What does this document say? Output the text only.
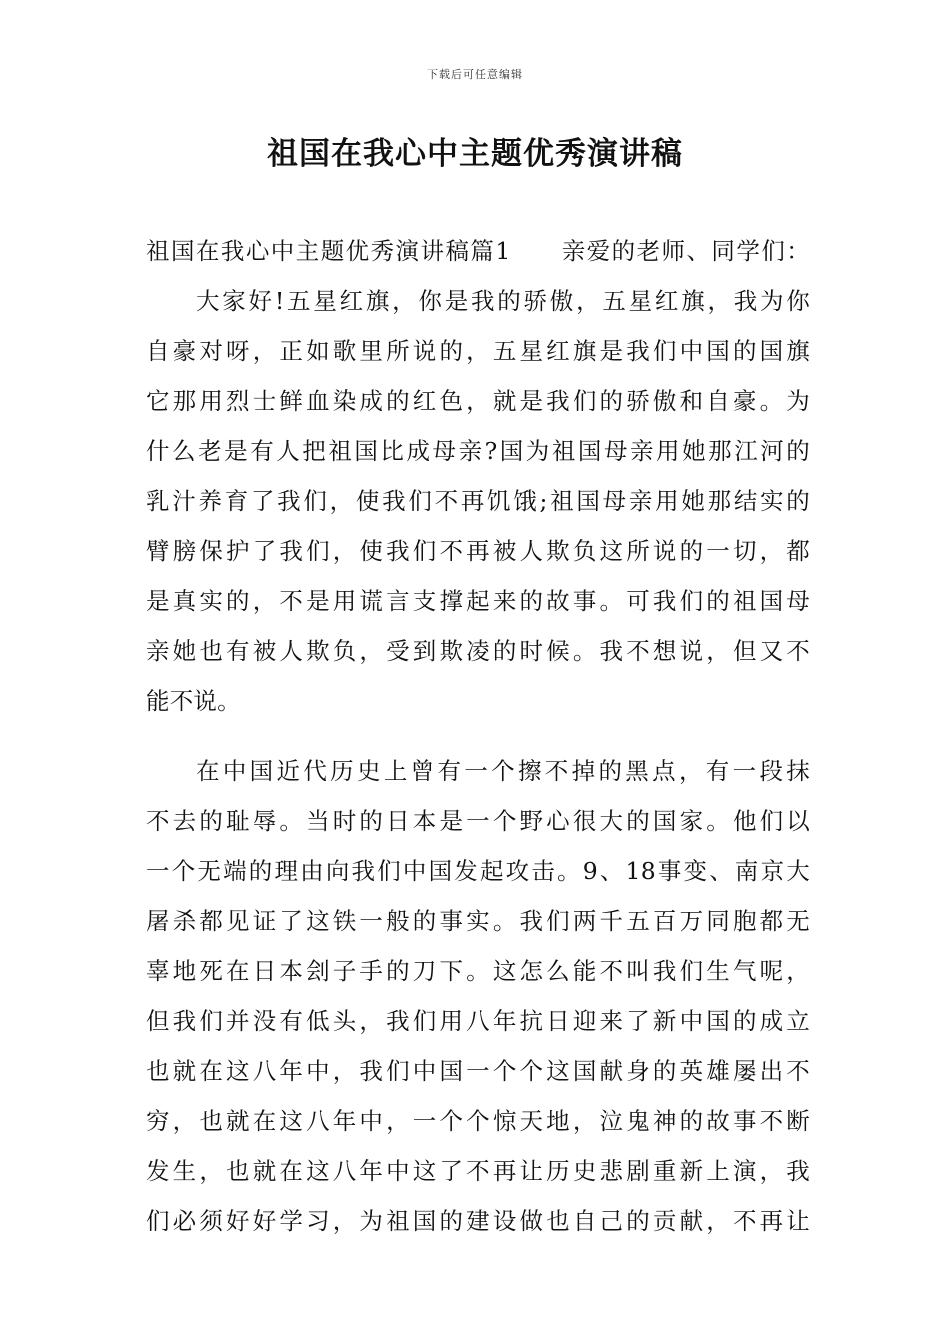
下载后可任意编辑
祖国在我心中主题优秀演讲稿
祖国在我心中主题优秀演讲稿篇1　　亲爱的老师、同学们：
大家好!五星红旗，你是我的骄傲，五星红旗，我为你
自豪对呀，正如歌里所说的，五星红旗是我们中国的国旗
它那用烈士鲜血染成的红色，就是我们的骄傲和自豪。为
什么老是有人把祖国比成母亲?国为祖国母亲用她那江河的
乳汁养育了我们，使我们不再饥饿;祖国母亲用她那结实的
臂膀保护了我们，使我们不再被人欺负这所说的一切，都
是真实的，不是用谎言支撑起来的故事。可我们的祖国母
亲她也有被人欺负，受到欺凌的时候。我不想说，但又不
能不说。
在中国近代历史上曾有一个擦不掉的黑点，有一段抹
不去的耻辱。当时的日本是一个野心很大的国家。他们以
一个无端的理由向我们中国发起攻击。9、18事变、南京大
屠杀都见证了这铁一般的事实。我们两千五百万同胞都无
辜地死在日本刽子手的刀下。这怎么能不叫我们生气呢，
但我们并没有低头，我们用八年抗日迎来了新中国的成立
也就在这八年中，我们中国一个个这国献身的英雄屡出不
穷，也就在这八年中，一个个惊天地，泣鬼神的故事不断
发生，也就在这八年中这了不再让历史悲剧重新上演，我
们必须好好学习，为祖国的建设做也自己的贡献，不再让
